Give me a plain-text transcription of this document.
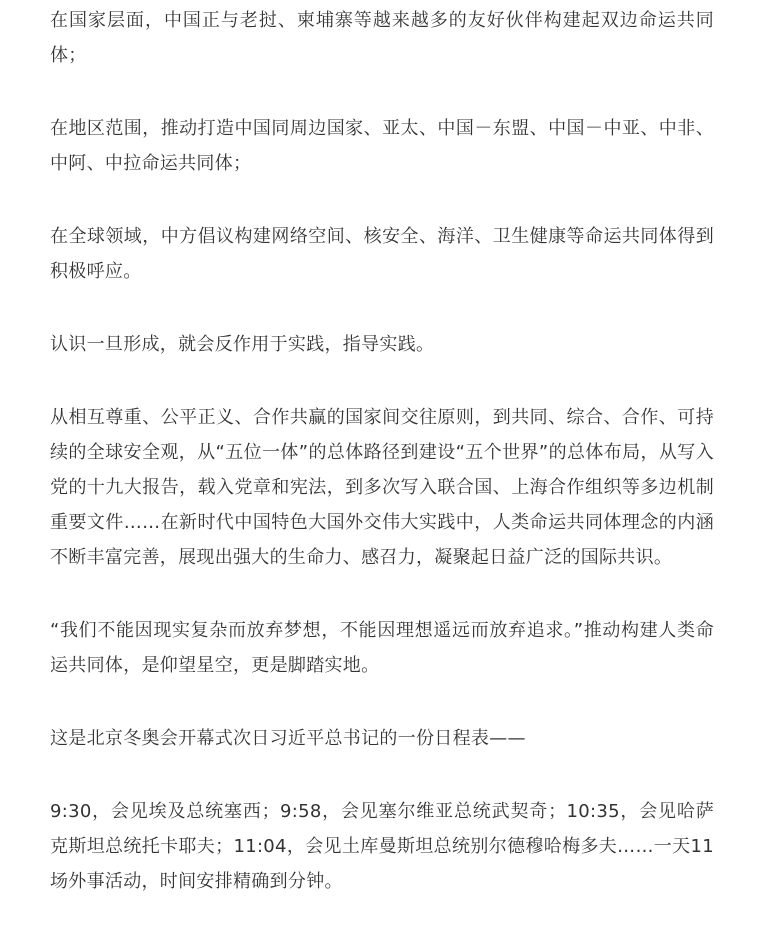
在国家层面，中国正与老挝、柬埔寨等越来越多的友好伙伴构建起双边命运共同体；

在地区范围，推动打造中国同周边国家、亚太、中国－东盟、中国－中亚、中非、中阿、中拉命运共同体；

在全球领域，中方倡议构建网络空间、核安全、海洋、卫生健康等命运共同体得到积极呼应。

认识一旦形成，就会反作用于实践，指导实践。

从相互尊重、公平正义、合作共赢的国家间交往原则，到共同、综合、合作、可持续的全球安全观，从“五位一体”的总体路径到建设“五个世界”的总体布局，从写入党的十九大报告，载入党章和宪法，到多次写入联合国、上海合作组织等多边机制重要文件……在新时代中国特色大国外交伟大实践中，人类命运共同体理念的内涵不断丰富完善，展现出强大的生命力、感召力，凝聚起日益广泛的国际共识。

“我们不能因现实复杂而放弃梦想，不能因理想遥远而放弃追求。”推动构建人类命运共同体，是仰望星空，更是脚踏实地。

这是北京冬奥会开幕式次日习近平总书记的一份日程表——

9:30，会见埃及总统塞西；9:58，会见塞尔维亚总统武契奇；10:35，会见哈萨克斯坦总统托卡耶夫；11:04，会见土库曼斯坦总统别尔德穆哈梅多夫……一天11场外事活动，时间安排精确到分钟。
